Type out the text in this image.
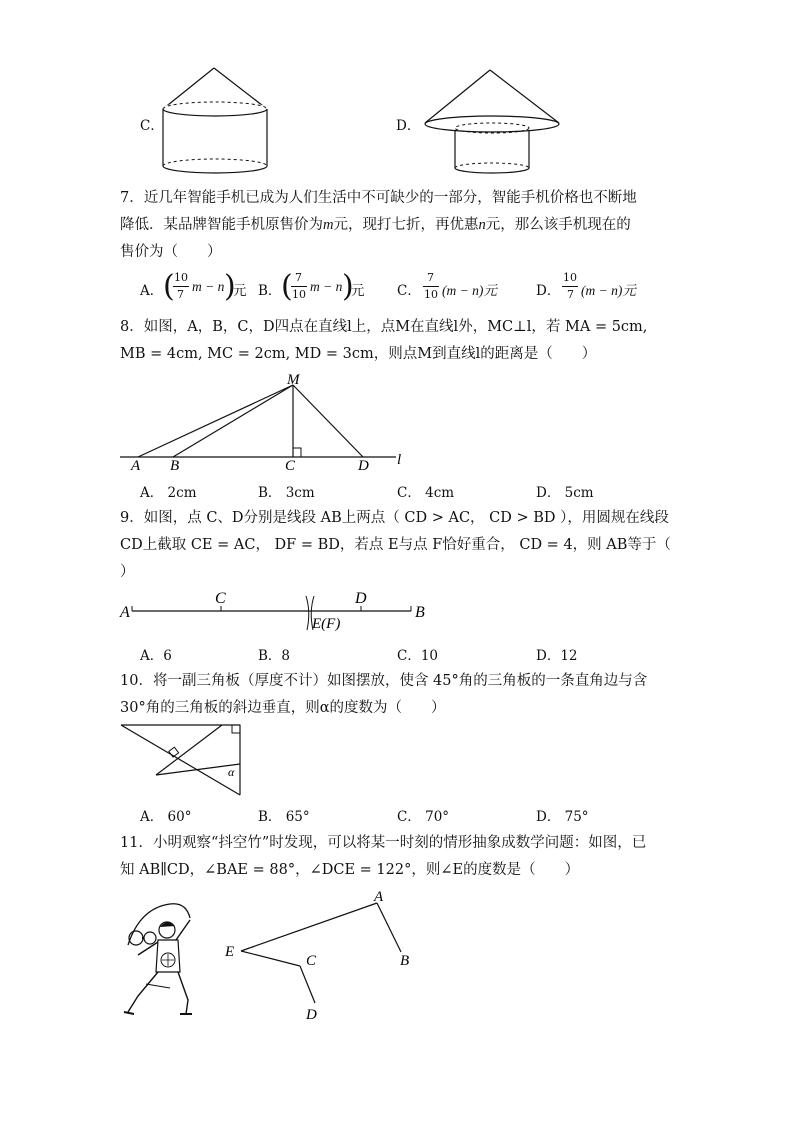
C．	D．
7．近几年智能手机已成为人们生活中不可缺少的一部分，智能手机价格也不断地
降低．某品牌智能手机原售价为m元，现打七折，再优惠n元，那么该手机现在的
售价为（　　）
A． ( 10
7
m − n )
元 B． ( 7
10
m − n )
元 C．
7
10 (m − n)元	D．
10
7 (m − n)元
8．如图，A，B，C，D四点在直线l上，点M在直线l外，MC⊥l，若 MA = 5cm,
MB = 4cm, MC = 2cm, MD = 3cm，则点M到直线l的距离是（　　）
M
A B	C	D l
A． 2cm	B． 3cm	C． 4cm	D． 5cm
9．如图，点 C、D分别是线段 AB上两点（ CD > AC， CD > BD ），用圆规在线段
CD上截取 CE = AC， DF = BD，若点 E与点 F恰好重合， CD = 4，则 AB等于（
）
A	B
C	D
E(F)
A．6	B．8	C．10	D．12
10．将一副三角板（厚度不计）如图摆放，使含 45°角的三角板的一条直角边与含
30°角的三角板的斜边垂直，则α的度数为（　　）
α
A． 60°	B． 65°	C． 70°	D． 75°
11．小明观察“抖空竹”时发现，可以将某一时刻的情形抽象成数学问题：如图，已
知 AB∥CD，∠BAE = 88°，∠DCE = 122°，则∠E的度数是（　　）
A
B
C
D
E
